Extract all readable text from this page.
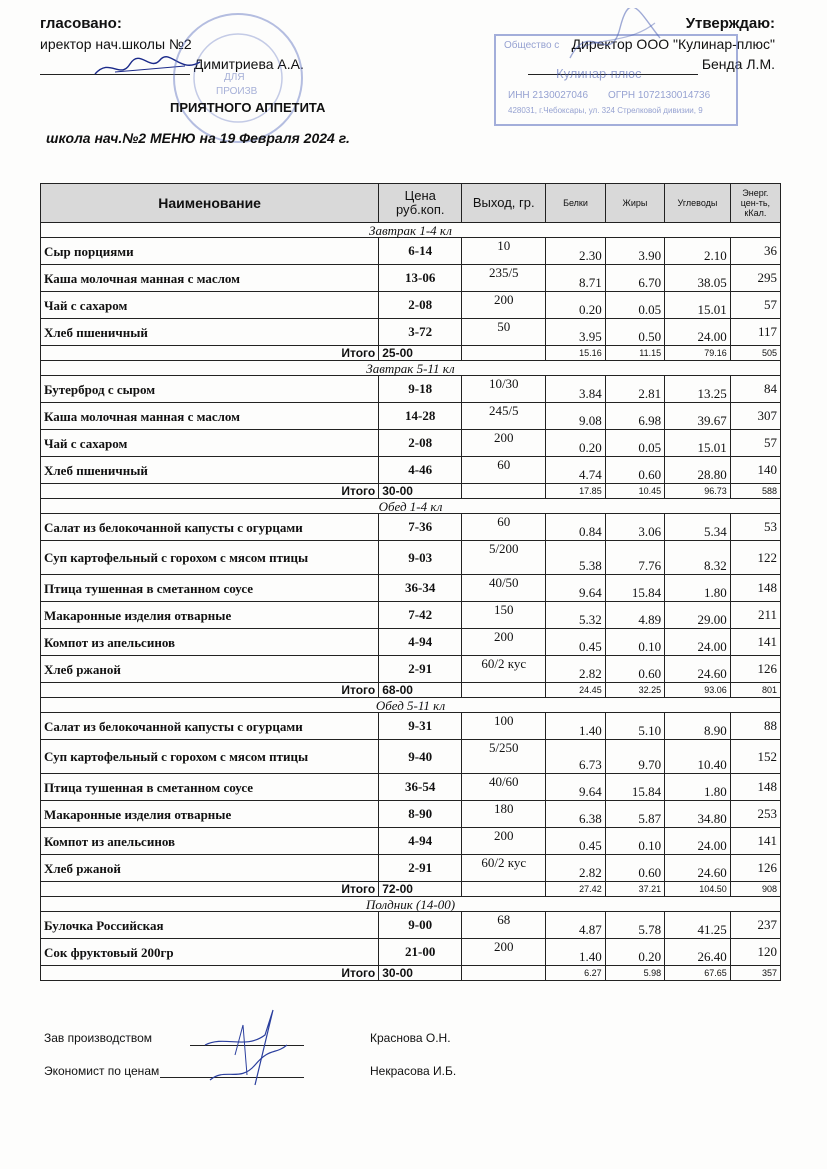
гласовано:
иректор нач.школы №2
Димитриева А.А.
ДЛЯ
ПРОИЗВ
Утверждаю:
Директор ООО "Кулинар-плюс"
Бенда Л.М.
Общество с
Кулинар-плюс
ИНН 2130027046 ОГРН 1072130014736
428031, г.Чебоксары, ул. 324 Стрелковой дивизии, 9
ПРИЯТНОГО АППЕТИТА
школа нач.№2 МЕНЮ на 19 Февраля 2024 г.
Наименование	Цена руб.коп.	Выход, гр.	Белки	Жиры	Углеводы	Энерг. цен-ть, кКал.
Завтрак 1-4 кл						
Сыр порциями	6-14	10	2.30	3.90	2.10	36
Каша молочная манная с маслом	13-06	235/5	8.71	6.70	38.05	295
Чай с сахаром	2-08	200	0.20	0.05	15.01	57
Хлеб пшеничный	3-72	50	3.95	0.50	24.00	117
Итого	25-00		15.16	11.15	79.16	505
Завтрак 5-11 кл						
Бутерброд с сыром	9-18	10/30	3.84	2.81	13.25	84
Каша молочная манная с маслом	14-28	245/5	9.08	6.98	39.67	307
Чай с сахаром	2-08	200	0.20	0.05	15.01	57
Хлеб пшеничный	4-46	60	4.74	0.60	28.80	140
Итого	30-00		17.85	10.45	96.73	588
Обед 1-4 кл						
Салат из белокочанной капусты с огурцами	7-36	60	0.84	3.06	5.34	53
Суп картофельный с горохом с мясом птицы	9-03	5/200	5.38	7.76	8.32	122
Птица тушенная в сметанном соусе	36-34	40/50	9.64	15.84	1.80	148
Макаронные изделия отварные	7-42	150	5.32	4.89	29.00	211
Компот из апельсинов	4-94	200	0.45	0.10	24.00	141
Хлеб ржаной	2-91	60/2 кус	2.82	0.60	24.60	126
Итого	68-00		24.45	32.25	93.06	801
Обед 5-11 кл						
Салат из белокочанной капусты с огурцами	9-31	100	1.40	5.10	8.90	88
Суп картофельный с горохом с мясом птицы	9-40	5/250	6.73	9.70	10.40	152
Птица тушенная в сметанном соусе	36-54	40/60	9.64	15.84	1.80	148
Макаронные изделия отварные	8-90	180	6.38	5.87	34.80	253
Компот из апельсинов	4-94	200	0.45	0.10	24.00	141
Хлеб ржаной	2-91	60/2 кус	2.82	0.60	24.60	126
Итого	72-00		27.42	37.21	104.50	908
Полдник (14-00)						
Булочка Российская	9-00	68	4.87	5.78	41.25	237
Сок фруктовый 200гр	21-00	200	1.40	0.20	26.40	120
Итого	30-00		6.27	5.98	67.65	357
Зав производством	Краснова О.Н.
Экономист по ценам	Некрасова И.Б.
